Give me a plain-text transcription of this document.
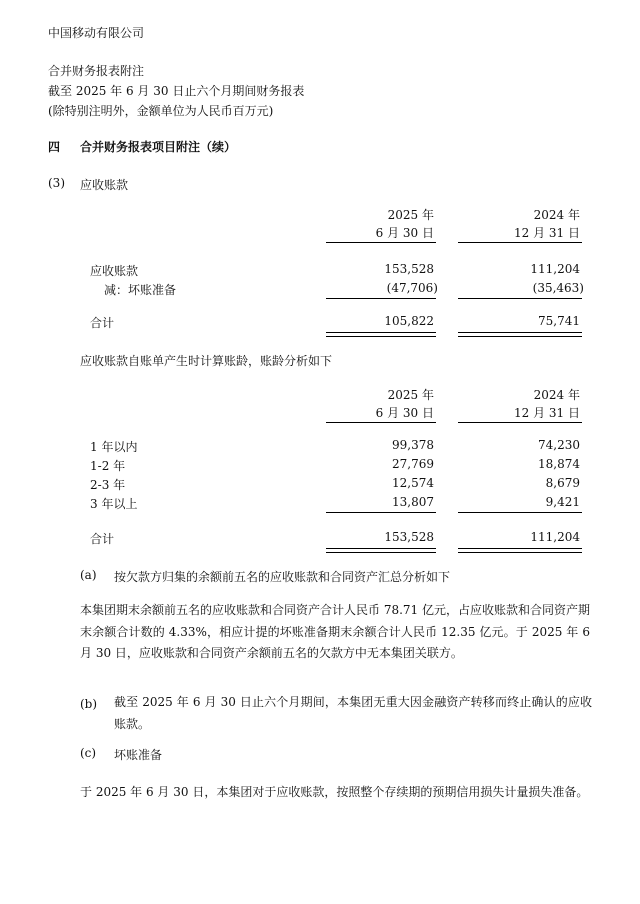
中国移动有限公司
合并财务报表附注
截至 2025 年 6 月 30 日止六个月期间财务报表
(除特别注明外，金额单位为人民币百万元)
四 合并财务报表项目附注（续）
(3) 应收账款
2025 年
6 月 30 日
2024 年
12 月 31 日
应收账款	153,528	111,204
减：坏账准备	(47,706)	(35,463)
合计	105,822	75,741
应收账款自账单产生时计算账龄，账龄分析如下
2025 年
6 月 30 日
2024 年
12 月 31 日
1 年以内	99,378	74,230
1-2 年	27,769	18,874
2-3 年	12,574	8,679
3 年以上	13,807	9,421
合计	153,528	111,204
(a) 按欠款方归集的余额前五名的应收账款和合同资产汇总分析如下
本集团期末余额前五名的应收账款和合同资产合计人民币 78.71 亿元，占应收账款和合同资产期末余额合计数的 4.33%，相应计提的坏账准备期末余额合计人民币 12.35 亿元。于 2025 年 6 月 30 日，应收账款和合同资产余额前五名的欠款方中无本集团关联方。
(b) 截至 2025 年 6 月 30 日止六个月期间，本集团无重大因金融资产转移而终止确认的应收账款。
(c) 坏账准备
于 2025 年 6 月 30 日，本集团对于应收账款，按照整个存续期的预期信用损失计量损失准备。
